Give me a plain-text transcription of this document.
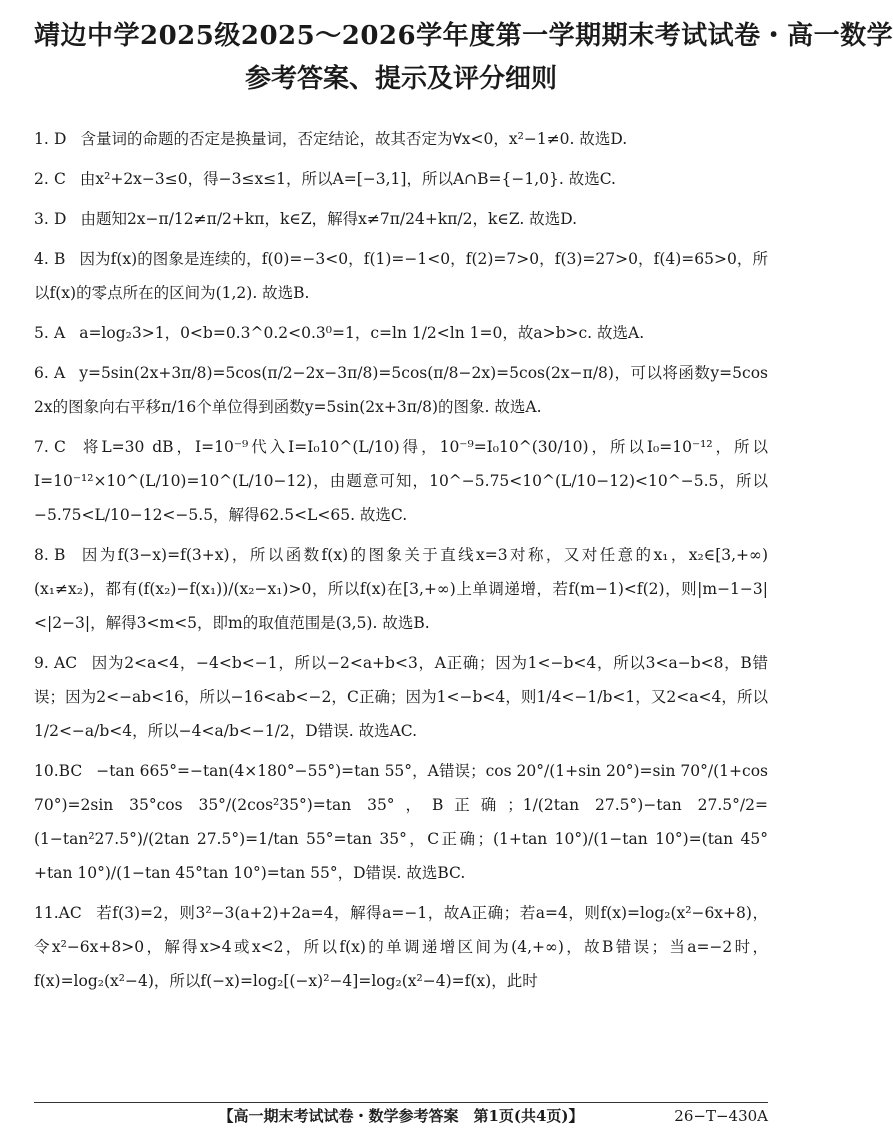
靖边中学2025级2025～2026学年度第一学期期末考试试卷・高一数学
参考答案、提示及评分细则

1. D 含量词的命题的否定是换量词，否定结论，故其否定为∀x<0，x²−1≠0. 故选D.

2. C 由x²+2x−3≤0，得−3≤x≤1，所以A=[−3,1]，所以A∩B={−1,0}. 故选C.

3. D 由题知2x−π/12≠π/2+kπ，k∈Z，解得x≠7π/24+kπ/2，k∈Z. 故选D.

4. B 因为f(x)的图象是连续的，f(0)=−3<0，f(1)=−1<0，f(2)=7>0，f(3)=27>0，f(4)=65>0，所以f(x)的零点所在的区间为(1,2). 故选B.

5. A a=log₂3>1，0<b=0.3^0.2<0.3⁰=1，c=ln 1/2<ln 1=0，故a>b>c. 故选A.

6. A y=5sin(2x+3π/8)=5cos(π/2−2x−3π/8)=5cos(π/8−2x)=5cos(2x−π/8)，可以将函数y=5cos 2x的图象向右平移π/16个单位得到函数y=5sin(2x+3π/8)的图象. 故选A.

7. C 将L=30 dB，I=10⁻⁹代入I=I₀10^(L/10)得，10⁻⁹=I₀10^(30/10)，所以I₀=10⁻¹²，所以I=10⁻¹²×10^(L/10)=10^(L/10−12)，由题意可知，10^−5.75<10^(L/10−12)<10^−5.5，所以−5.75<L/10−12<−5.5，解得62.5<L<65. 故选C.

8. B 因为f(3−x)=f(3+x)，所以函数f(x)的图象关于直线x=3对称，又对任意的x₁，x₂∈[3,+∞)(x₁≠x₂)，都有(f(x₂)−f(x₁))/(x₂−x₁)>0，所以f(x)在[3,+∞)上单调递增，若f(m−1)<f(2)，则|m−1−3|<|2−3|，解得3<m<5，即m的取值范围是(3,5). 故选B.

9. AC 因为2<a<4，−4<b<−1，所以−2<a+b<3，A正确；因为1<−b<4，所以3<a−b<8，B错误；因为2<−ab<16，所以−16<ab<−2，C正确；因为1<−b<4，则1/4<−1/b<1，又2<a<4，所以1/2<−a/b<4，所以−4<a/b<−1/2，D错误. 故选AC.

10.BC −tan 665°=−tan(4×180°−55°)=tan 55°，A错误；cos 20°/(1+sin 20°)=sin 70°/(1+cos 70°)=2sin 35°cos 35°/(2cos²35°)=tan 35°，B正确；1/(2tan 27.5°)−tan 27.5°/2=(1−tan²27.5°)/(2tan 27.5°)=1/tan 55°=tan 35°，C正确；(1+tan 10°)/(1−tan 10°)=(tan 45°+tan 10°)/(1−tan 45°tan 10°)=tan 55°，D错误. 故选BC.

11.AC 若f(3)=2，则3²−3(a+2)+2a=4，解得a=−1，故A正确；若a=4，则f(x)=log₂(x²−6x+8)，令x²−6x+8>0，解得x>4或x<2，所以f(x)的单调递增区间为(4,+∞)，故B错误；当a=−2时，f(x)=log₂(x²−4)，所以f(−x)=log₂[(−x)²−4]=log₂(x²−4)=f(x)，此时

【高一期末考试试卷・数学参考答案　第1页(共4页)】	26−T−430A
